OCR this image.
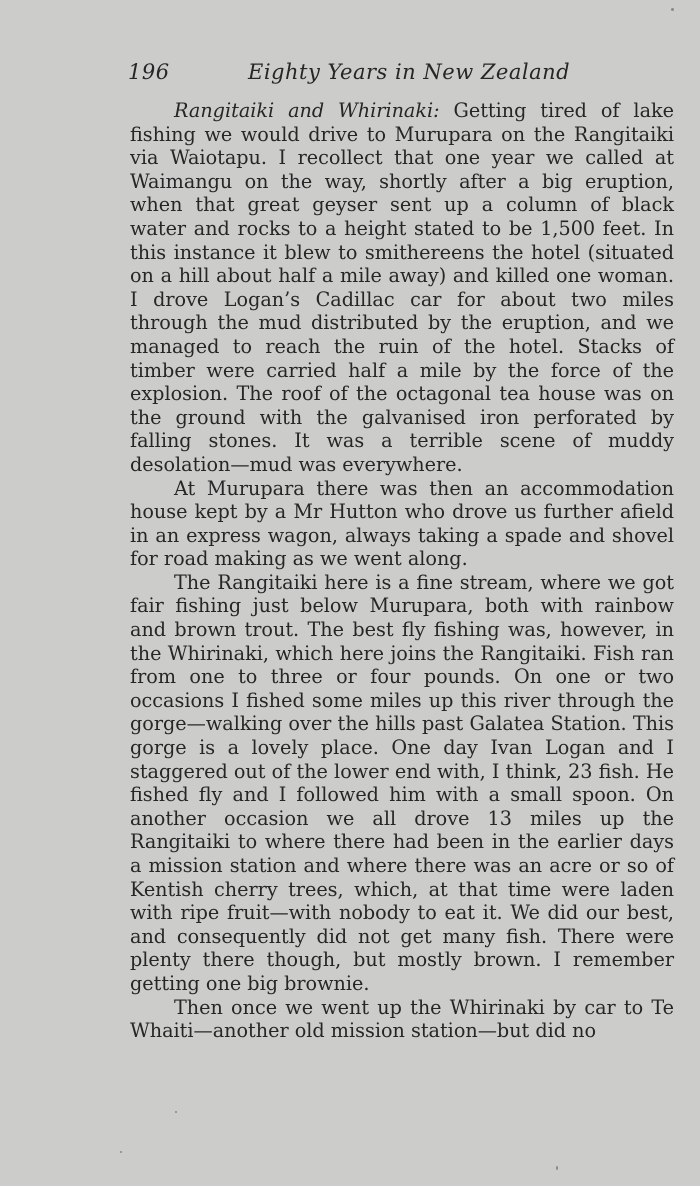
196	Eighty Years in New Zealand

Rangitaiki and Whirinaki: Getting tired of lake fishing we would drive to Murupara on the Rangitaiki via Waiotapu. I recollect that one year we called at Waimangu on the way, shortly after a big eruption, when that great geyser sent up a column of black water and rocks to a height stated to be 1,500 feet. In this instance it blew to smithereens the hotel (situated on a hill about half a mile away) and killed one woman. I drove Logan’s Cadillac car for about two miles through the mud distributed by the eruption, and we managed to reach the ruin of the hotel. Stacks of timber were carried half a mile by the force of the explosion. The roof of the octagonal tea house was on the ground with the galvanised iron perforated by falling stones. It was a terrible scene of muddy desolation—mud was everywhere.

At Murupara there was then an accommodation house kept by a Mr Hutton who drove us further afield in an express wagon, always taking a spade and shovel for road making as we went along.

The Rangitaiki here is a fine stream, where we got fair fishing just below Murupara, both with rainbow and brown trout. The best fly fishing was, however, in the Whirinaki, which here joins the Rangitaiki. Fish ran from one to three or four pounds. On one or two occasions I fished some miles up this river through the gorge—walking over the hills past Galatea Station. This gorge is a lovely place. One day Ivan Logan and I staggered out of the lower end with, I think, 23 fish. He fished fly and I followed him with a small spoon. On another occasion we all drove 13 miles up the Rangitaiki to where there had been in the earlier days a mission station and where there was an acre or so of Kentish cherry trees, which, at that time were laden with ripe fruit—with nobody to eat it. We did our best, and consequently did not get many fish. There were plenty there though, but mostly brown. I remember getting one big brownie.

Then once we went up the Whirinaki by car to Te Whaiti—another old mission station—but did no
